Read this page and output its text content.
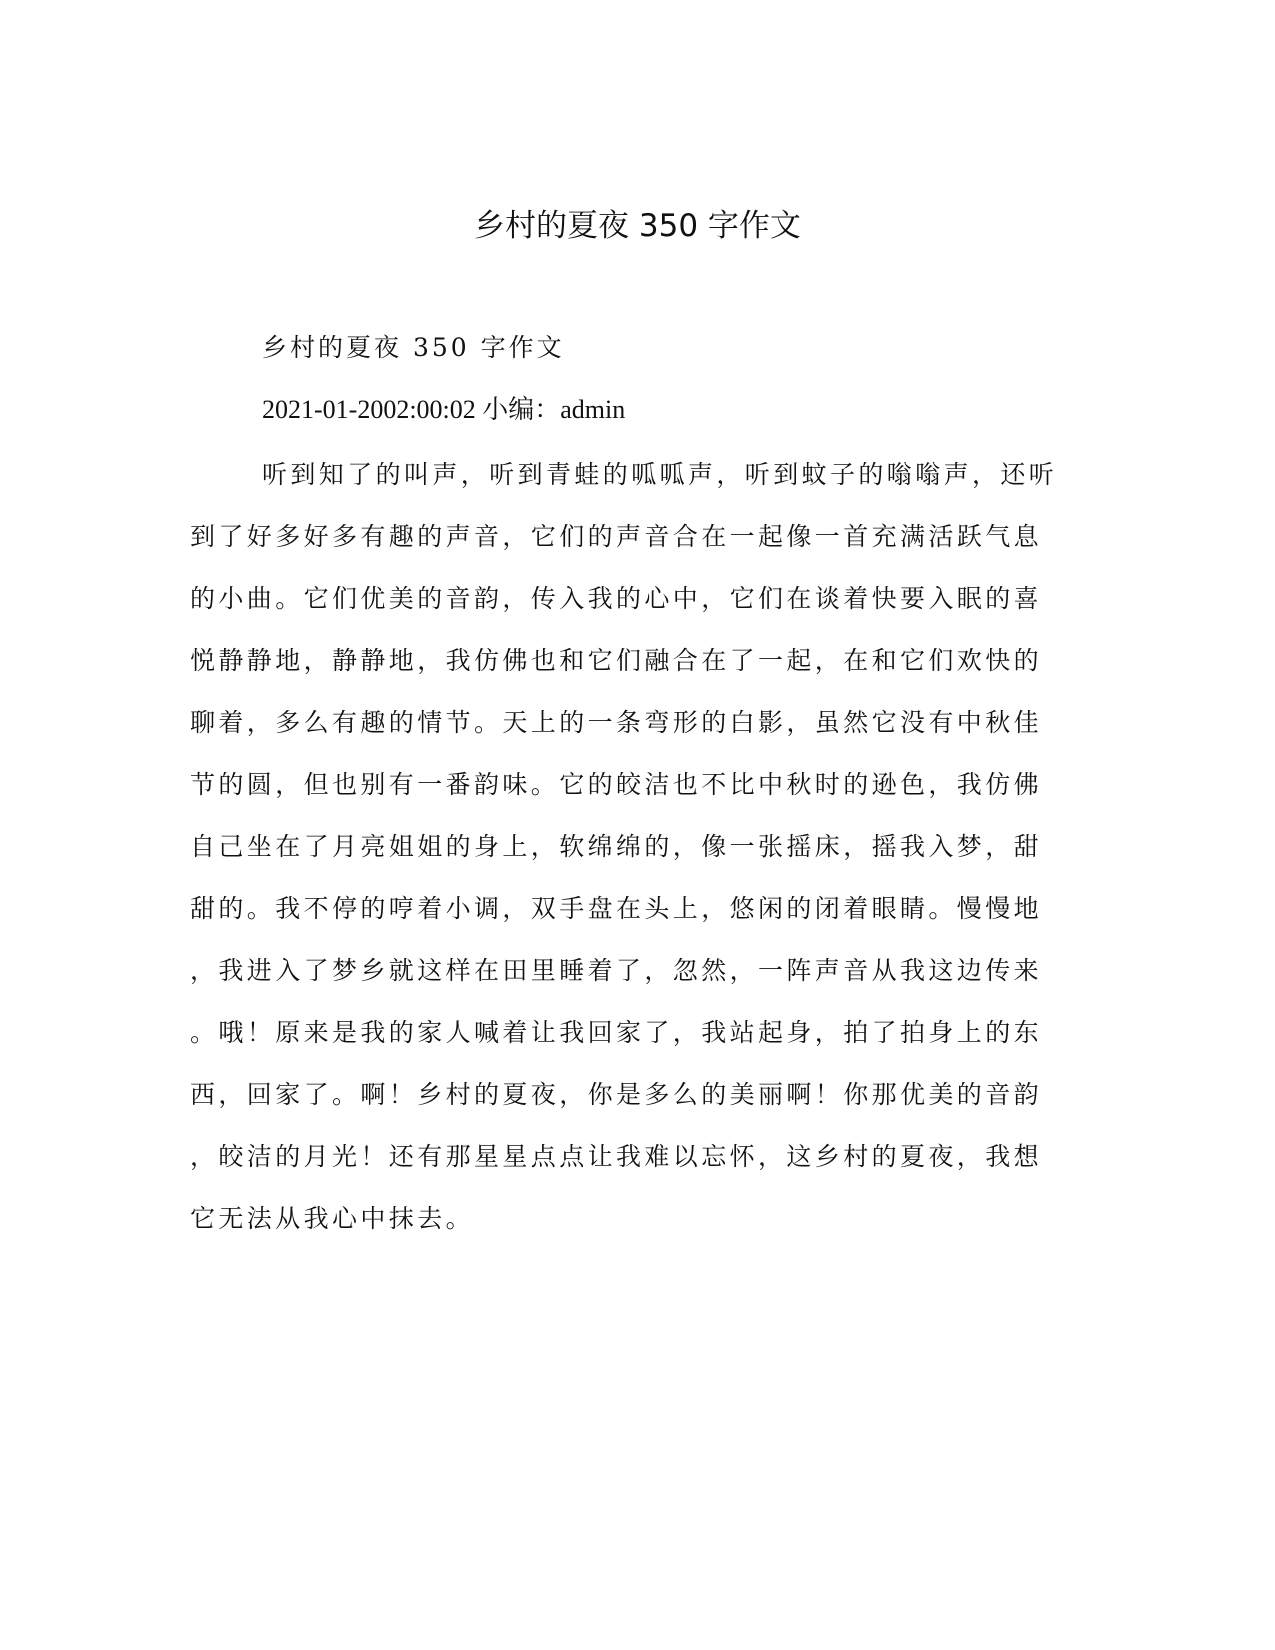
乡村的夏夜 350 字作文

乡村的夏夜 350 字作文

2021-01-2002:00:02 小编：admin

听到知了的叫声，听到青蛙的呱呱声，听到蚊子的嗡嗡声，还听
到了好多好多有趣的声音，它们的声音合在一起像一首充满活跃气息
的小曲。它们优美的音韵，传入我的心中，它们在谈着快要入眠的喜
悦静静地，静静地，我仿佛也和它们融合在了一起，在和它们欢快的
聊着，多么有趣的情节。天上的一条弯形的白影，虽然它没有中秋佳
节的圆，但也别有一番韵味。它的皎洁也不比中秋时的逊色，我仿佛
自己坐在了月亮姐姐的身上，软绵绵的，像一张摇床，摇我入梦，甜
甜的。我不停的哼着小调，双手盘在头上，悠闲的闭着眼睛。慢慢地
，我进入了梦乡就这样在田里睡着了，忽然，一阵声音从我这边传来
。哦！原来是我的家人喊着让我回家了，我站起身，拍了拍身上的东
西，回家了。啊！乡村的夏夜，你是多么的美丽啊！你那优美的音韵
，皎洁的月光！还有那星星点点让我难以忘怀，这乡村的夏夜，我想
它无法从我心中抹去。
